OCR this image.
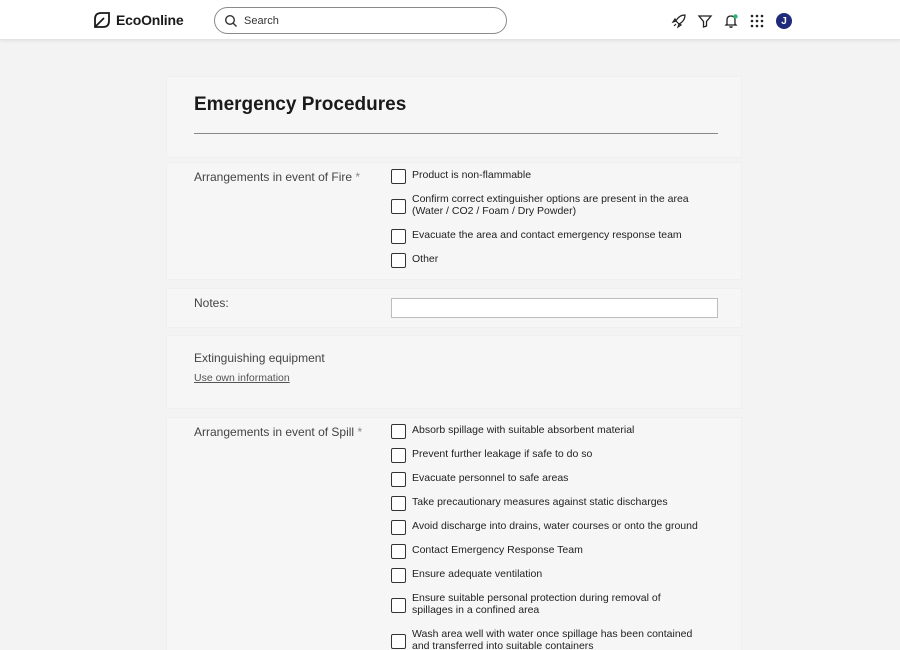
EcoOnline
Search	J
Emergency Procedures
Arrangements in event of Fire *	Product is non-flammable
Confirm correct extinguisher options are present in the area
(Water / CO2 / Foam / Dry Powder)
Evacuate the area and contact emergency response team
Other
Notes:
Extinguishing equipment
Use own information
Arrangements in event of Spill *	Absorb spillage with suitable absorbent material
Prevent further leakage if safe to do so
Evacuate personnel to safe areas
Take precautionary measures against static discharges
Avoid discharge into drains, water courses or onto the ground
Contact Emergency Response Team
Ensure adequate ventilation
Ensure suitable personal protection during removal of
spillages in a confined area
Wash area well with water once spillage has been contained
and transferred into suitable containers
